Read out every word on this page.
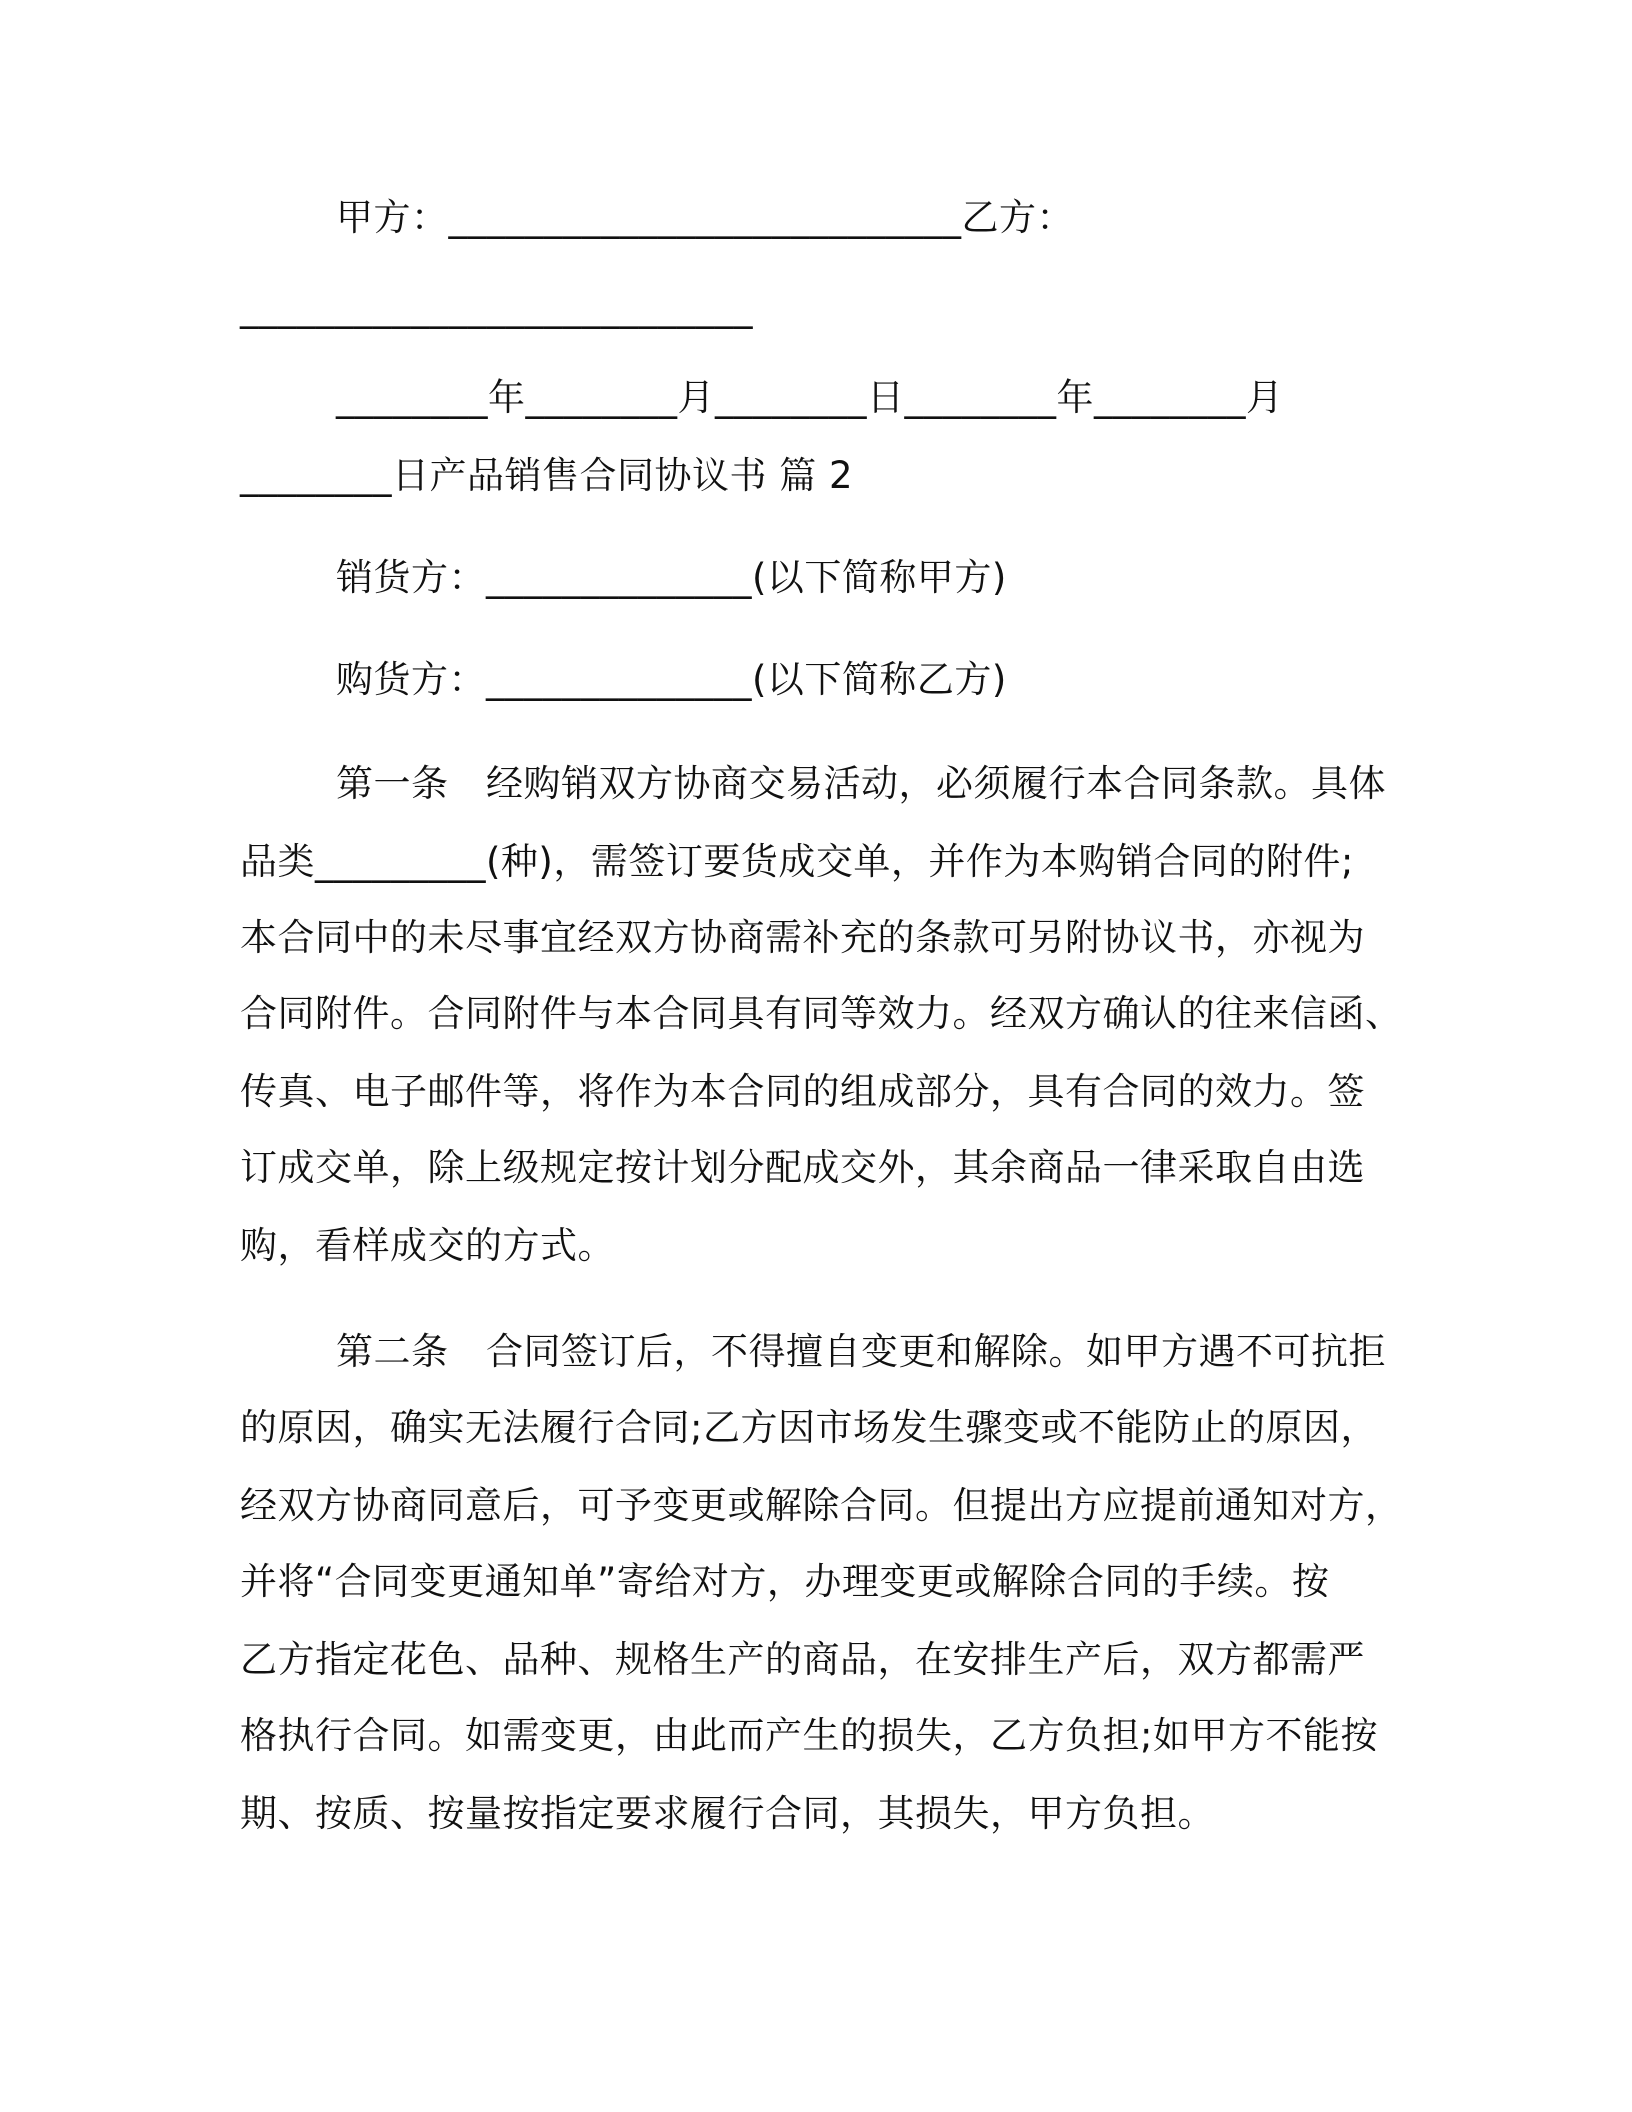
甲方：___________________________乙方：
___________________________
________年________月________日________年________月
________日产品销售合同协议书 篇 2
销货方：______________(以下简称甲方)
购货方：______________(以下简称乙方)
第一条　经购销双方协商交易活动，必须履行本合同条款。具体
品类_________(种)，需签订要货成交单，并作为本购销合同的附件;
本合同中的未尽事宜经双方协商需补充的条款可另附协议书，亦视为
合同附件。合同附件与本合同具有同等效力。经双方确认的往来信函、
传真、电子邮件等，将作为本合同的组成部分，具有合同的效力。签
订成交单，除上级规定按计划分配成交外，其余商品一律采取自由选
购，看样成交的方式。
第二条　合同签订后，不得擅自变更和解除。如甲方遇不可抗拒
的原因，确实无法履行合同;乙方因市场发生骤变或不能防止的原因，
经双方协商同意后，可予变更或解除合同。但提出方应提前通知对方，
并将“合同变更通知单”寄给对方，办理变更或解除合同的手续。按
乙方指定花色、品种、规格生产的商品，在安排生产后，双方都需严
格执行合同。如需变更，由此而产生的损失，乙方负担;如甲方不能按
期、按质、按量按指定要求履行合同，其损失，甲方负担。
